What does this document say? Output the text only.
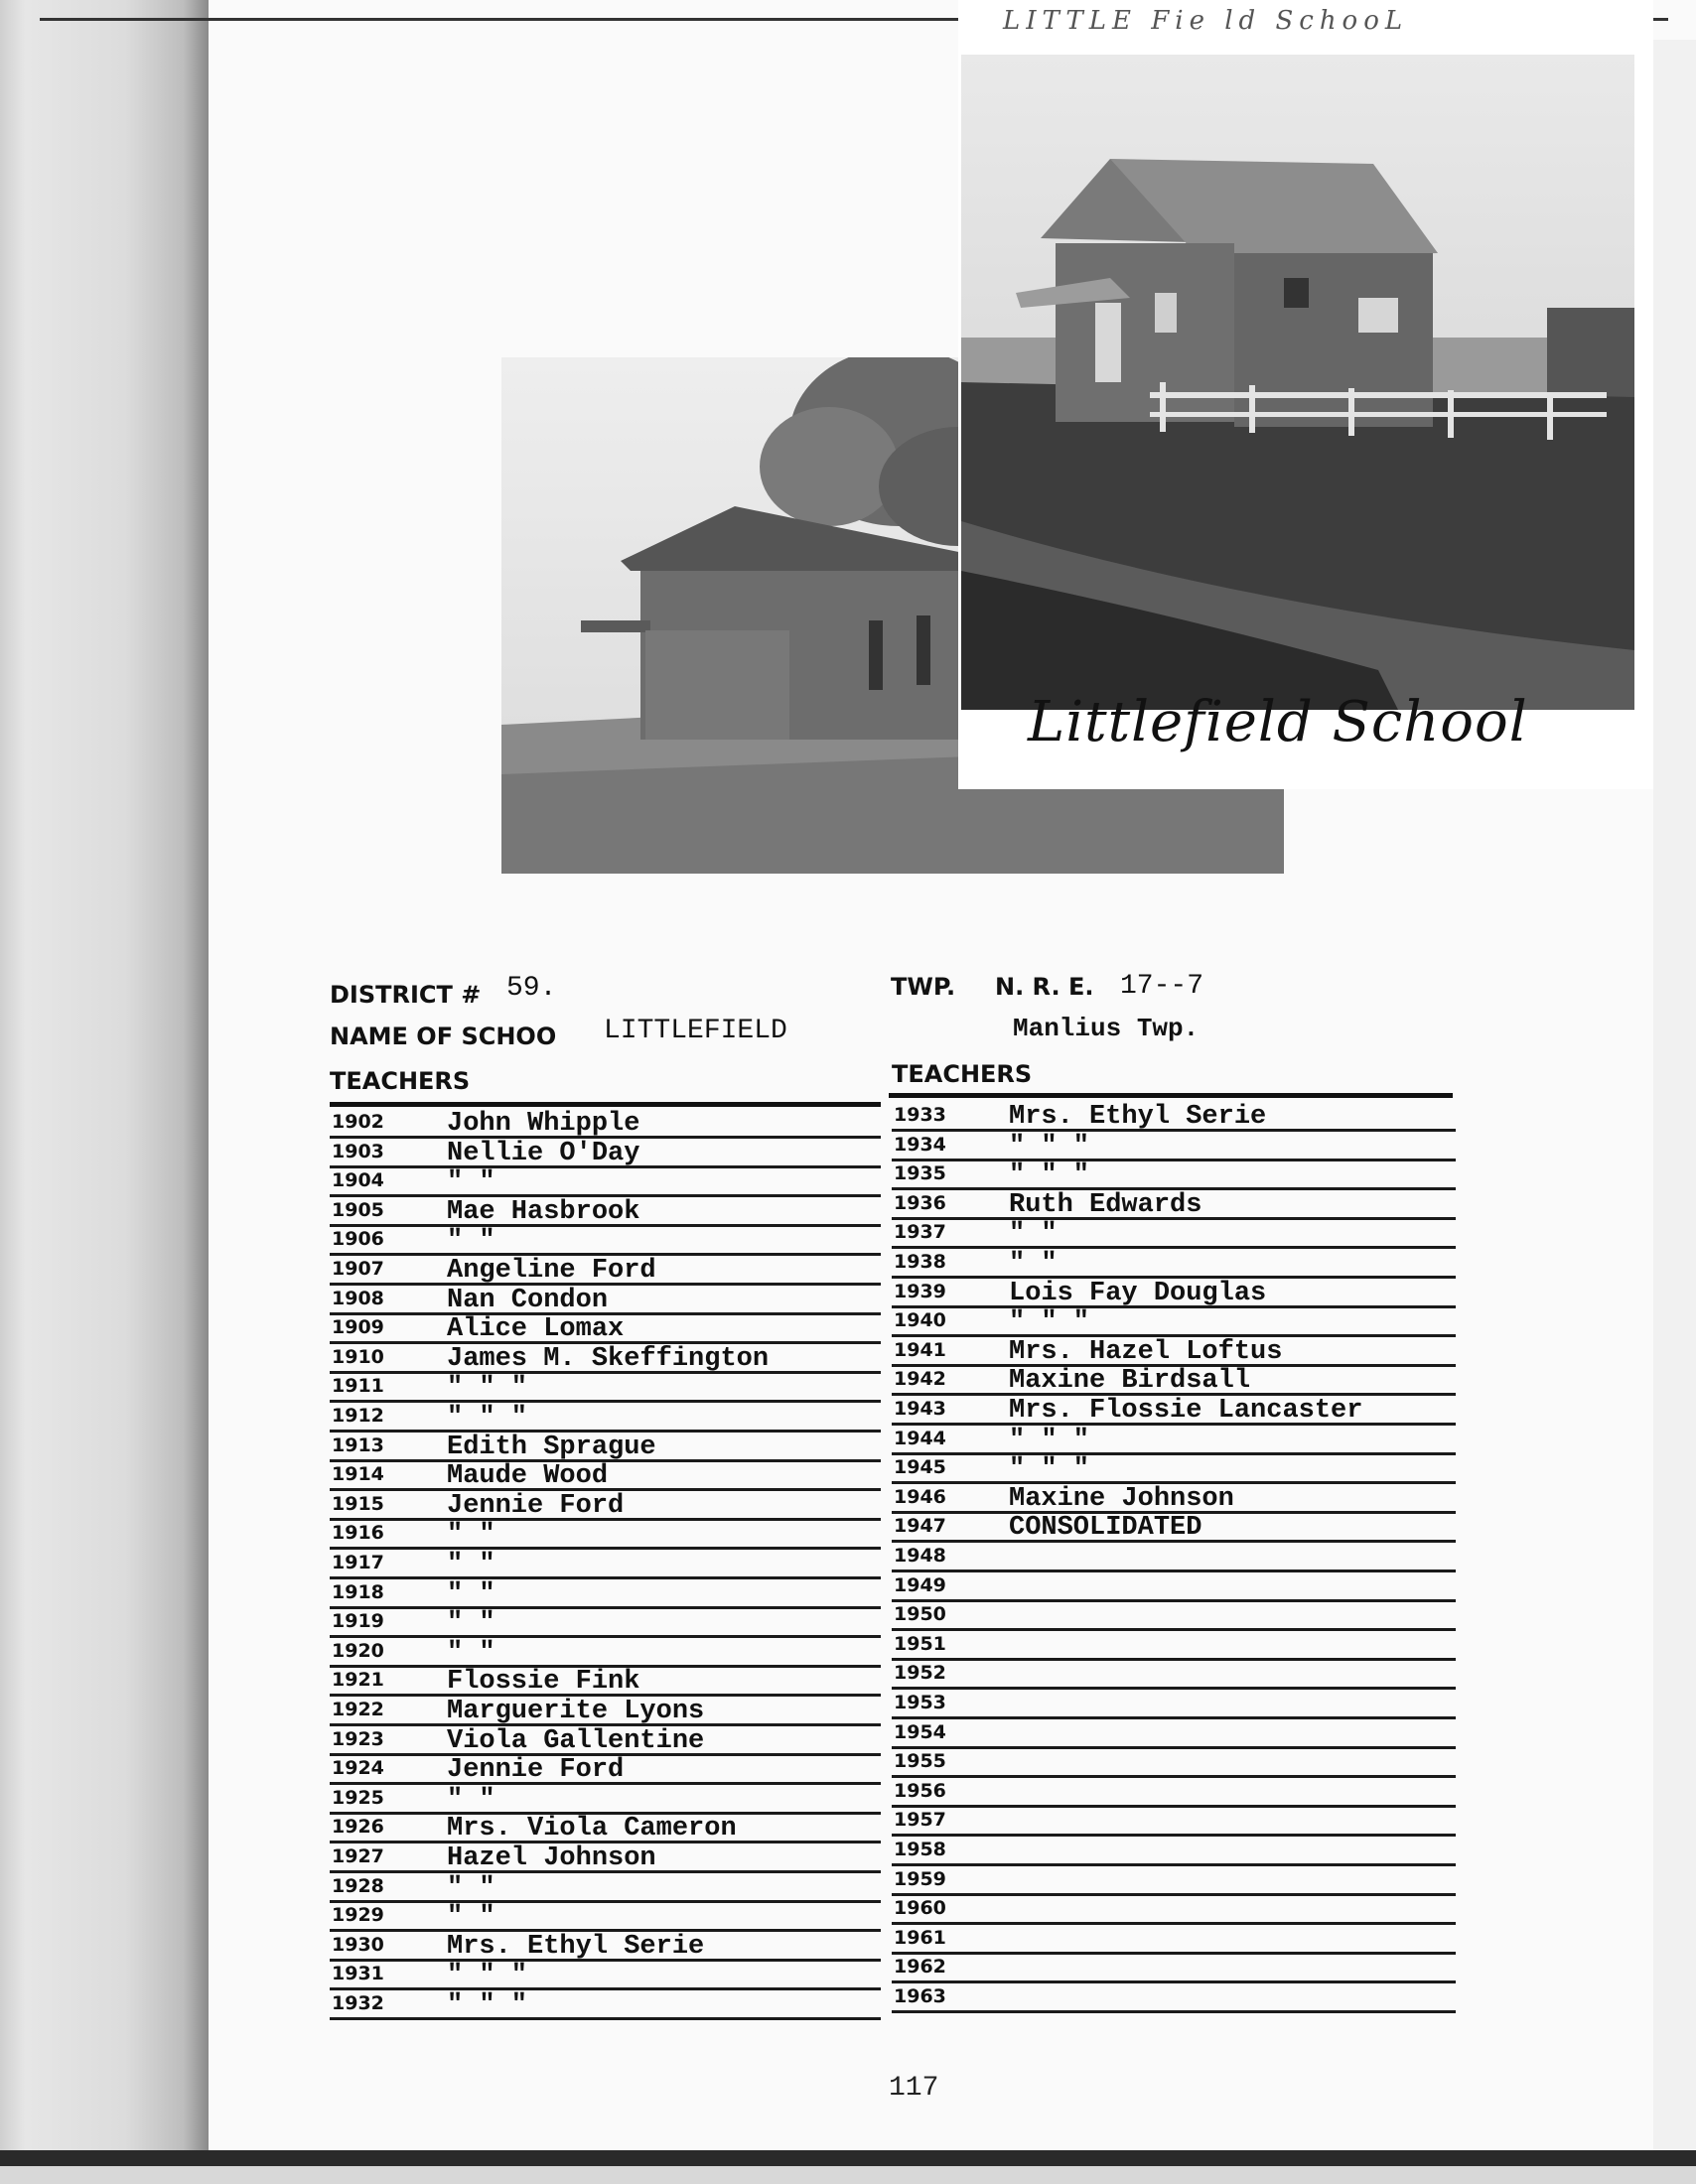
LITTLE Fie ld SchooL
Littlefield School
DISTRICT # 59.	TWP. N. R. E. 17--7
NAME OF SCHOO LITTLEFIELD	Manlius Twp.
TEACHERS	TEACHERS
1902 John Whipple
1903 Nellie O'Day
1904 " "
1905 Mae Hasbrook
1906 " "
1907 Angeline Ford
1908 Nan Condon
1909 Alice Lomax
1910 James M. Skeffington
1911 " " "
1912 " " "
1913 Edith Sprague
1914 Maude Wood
1915 Jennie Ford
1916 " "
1917 " "
1918 " "
1919 " "
1920 " "
1921 Flossie Fink
1922 Marguerite Lyons
1923 Viola Gallentine
1924 Jennie Ford
1925 " "
1926 Mrs. Viola Cameron
1927 Hazel Johnson
1928 " "
1929 " "
1930 Mrs. Ethyl Serie
1931 " " "
1932 " " "
1933 Mrs. Ethyl Serie
1934 " " "
1935 " " "
1936 Ruth Edwards
1937 " "
1938 " "
1939 Lois Fay Douglas
1940 " " "
1941 Mrs. Hazel Loftus
1942 Maxine Birdsall
1943 Mrs. Flossie Lancaster
1944 " " "
1945 " " "
1946 Maxine Johnson
1947 CONSOLIDATED
1948
1949
1950
1951
1952
1953
1954
1955
1956
1957
1958
1959
1960
1961
1962
1963
117
